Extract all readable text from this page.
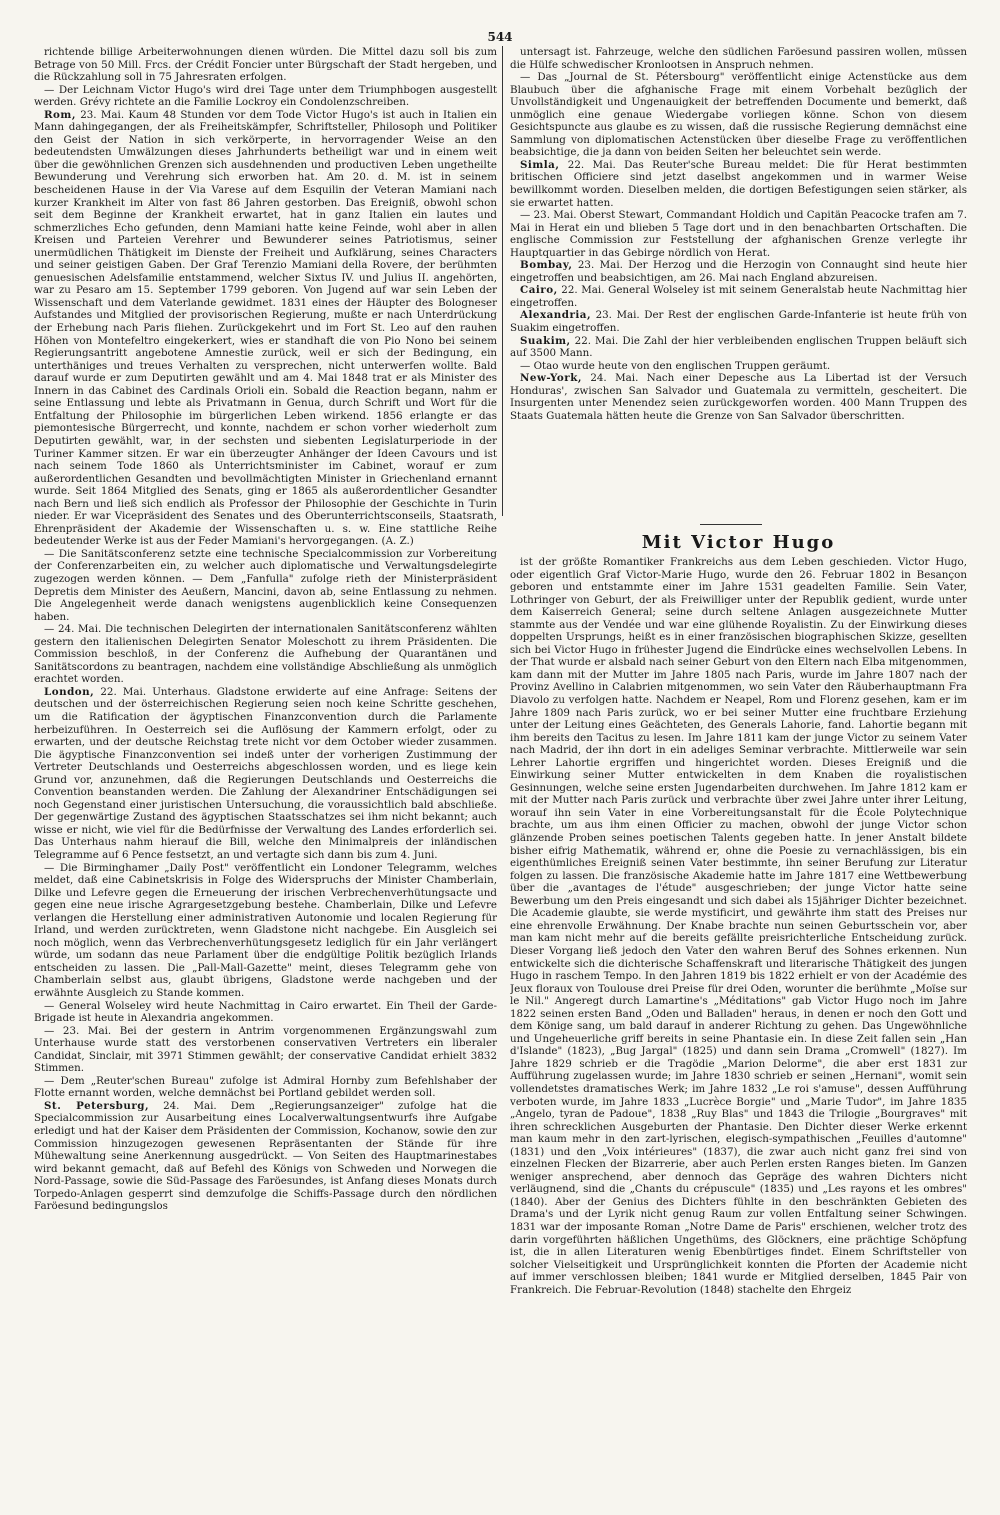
544

richtende billige Arbeiterwohnungen dienen würden. Die Mittel dazu soll bis zum Betrage von 50 Mill. Frcs. der Crédit Foncier unter Bürgschaft der Stadt hergeben, und die Rückzahlung soll in 75 Jahresraten erfolgen.

— Der Leichnam Victor Hugo's wird drei Tage unter dem Triumphbogen ausgestellt werden. Grévy richtete an die Familie Lockroy ein Condolenzschreiben.

Rom, 23. Mai. Kaum 48 Stunden vor dem Tode Victor Hugo's ist auch in Italien ein Mann dahingegangen, der als Freiheitskämpfer, Schriftsteller, Philosoph und Politiker den Geist der Nation in sich verkörperte, in hervorragender Weise an den bedeutendsten Umwälzungen dieses Jahrhunderts betheiligt war und in einem weit über die gewöhnlichen Grenzen sich ausdehnenden und productiven Leben ungetheilte Bewunderung und Verehrung sich erworben hat. Am 20. d. M. ist in seinem bescheidenen Hause in der Via Varese auf dem Esquilin der Veteran Mamiani nach kurzer Krankheit im Alter von fast 86 Jahren gestorben. Das Ereigniß, obwohl schon seit dem Beginne der Krankheit erwartet, hat in ganz Italien ein lautes und schmerzliches Echo gefunden, denn Mamiani hatte keine Feinde, wohl aber in allen Kreisen und Parteien Verehrer und Bewunderer seines Patriotismus, seiner unermüdlichen Thätigkeit im Dienste der Freiheit und Aufklärung, seines Characters und seiner geistigen Gaben. Der Graf Terenzio Mamiani della Rovere, der berühmten genuesischen Adelsfamilie entstammend, welcher Sixtus IV. und Julius II. angehörten, war zu Pesaro am 15. September 1799 geboren. Von Jugend auf war sein Leben der Wissenschaft und dem Vaterlande gewidmet. 1831 eines der Häupter des Bologneser Aufstandes und Mitglied der provisorischen Regierung, mußte er nach Unterdrückung der Erhebung nach Paris fliehen. Zurückgekehrt und im Fort St. Leo auf den rauhen Höhen von Montefeltro eingekerkert, wies er standhaft die von Pio Nono bei seinem Regierungsantritt angebotene Amnestie zurück, weil er sich der Bedingung, ein unterthäniges und treues Verhalten zu versprechen, nicht unterwerfen wollte. Bald darauf wurde er zum Deputirten gewählt und am 4. Mai 1848 trat er als Minister des Innern in das Cabinet des Cardinals Orioli ein. Sobald die Reaction begann, nahm er seine Entlassung und lebte als Privatmann in Genua, durch Schrift und Wort für die Entfaltung der Philosophie im bürgerlichen Leben wirkend. 1856 erlangte er das piemontesische Bürgerrecht, und konnte, nachdem er schon vorher wiederholt zum Deputirten gewählt, war, in der sechsten und siebenten Legislaturperiode in der Turiner Kammer sitzen. Er war ein überzeugter Anhänger der Ideen Cavours und ist nach seinem Tode 1860 als Unterrichtsminister im Cabinet, worauf er zum außerordentlichen Gesandten und bevollmächtigten Minister in Griechenland ernannt wurde. Seit 1864 Mitglied des Senats, ging er 1865 als außerordentlicher Gesandter nach Bern und ließ sich endlich als Professor der Philosophie der Geschichte in Turin nieder. Er war Vicepräsident des Senates und des Oberunterrichtsconseils, Staatsrath, Ehrenpräsident der Akademie der Wissenschaften u. s. w. Eine stattliche Reihe bedeutender Werke ist aus der Feder Mamiani's hervorgegangen. (A. Z.)

— Die Sanitätsconferenz setzte eine technische Specialcommission zur Vorbereitung der Conferenzarbeiten ein, zu welcher auch diplomatische und Verwaltungsdelegirte zugezogen werden können. — Dem „Fanfulla" zufolge rieth der Ministerpräsident Depretis dem Minister des Aeußern, Mancini, davon ab, seine Entlassung zu nehmen. Die Angelegenheit werde danach wenigstens augenblicklich keine Consequenzen haben.

— 24. Mai. Die technischen Delegirten der internationalen Sanitätsconferenz wählten gestern den italienischen Delegirten Senator Moleschott zu ihrem Präsidenten. Die Commission beschloß, in der Conferenz die Aufhebung der Quarantänen und Sanitätscordons zu beantragen, nachdem eine vollständige Abschließung als unmöglich erachtet worden.

London, 22. Mai. Unterhaus. Gladstone erwiderte auf eine Anfrage: Seitens der deutschen und der österreichischen Regierung seien noch keine Schritte geschehen, um die Ratification der ägyptischen Finanzconvention durch die Parlamente herbeizuführen. In Oesterreich sei die Auflösung der Kammern erfolgt, oder zu erwarten, und der deutsche Reichstag trete nicht vor dem October wieder zusammen. Die ägyptische Finanzconvention sei indeß unter der vorherigen Zustimmung der Vertreter Deutschlands und Oesterreichs abgeschlossen worden, und es liege kein Grund vor, anzunehmen, daß die Regierungen Deutschlands und Oesterreichs die Convention beanstanden werden. Die Zahlung der Alexandriner Entschädigungen sei noch Gegenstand einer juristischen Untersuchung, die voraussichtlich bald abschließe. Der gegenwärtige Zustand des ägyptischen Staatsschatzes sei ihm nicht bekannt; auch wisse er nicht, wie viel für die Bedürfnisse der Verwaltung des Landes erforderlich sei. Das Unterhaus nahm hierauf die Bill, welche den Minimalpreis der inländischen Telegramme auf 6 Pence festsetzt, an und vertagte sich dann bis zum 4. Juni.

— Die Birminghamer „Daily Post" veröffentlicht ein Londoner Telegramm, welches meldet, daß eine Cabinetskrisis in Folge des Widerspruchs der Minister Chamberlain, Dilke und Lefevre gegen die Erneuerung der irischen Verbrechenverhütungsacte und gegen eine neue irische Agrargesetzgebung bestehe. Chamberlain, Dilke und Lefevre verlangen die Herstellung einer administrativen Autonomie und localen Regierung für Irland, und werden zurücktreten, wenn Gladstone nicht nachgebe. Ein Ausgleich sei noch möglich, wenn das Verbrechenverhütungsgesetz lediglich für ein Jahr verlängert würde, um sodann das neue Parlament über die endgültige Politik bezüglich Irlands entscheiden zu lassen. Die „Pall-Mall-Gazette" meint, dieses Telegramm gehe von Chamberlain selbst aus, glaubt übrigens, Gladstone werde nachgeben und der erwähnte Ausgleich zu Stande kommen.

— General Wolseley wird heute Nachmittag in Cairo erwartet. Ein Theil der Garde-Brigade ist heute in Alexandria angekommen.

— 23. Mai. Bei der gestern in Antrim vorgenommenen Ergänzungswahl zum Unterhause wurde statt des verstorbenen conservativen Vertreters ein liberaler Candidat, Sinclair, mit 3971 Stimmen gewählt; der conservative Candidat erhielt 3832 Stimmen.

— Dem „Reuter'schen Bureau" zufolge ist Admiral Hornby zum Befehlshaber der Flotte ernannt worden, welche demnächst bei Portland gebildet werden soll.

St. Petersburg, 24. Mai. Dem „Regierungsanzeiger" zufolge hat die Specialcommission zur Ausarbeitung eines Localverwaltungsentwurfs ihre Aufgabe erledigt und hat der Kaiser dem Präsidenten der Commission, Kochanow, sowie den zur Commission hinzugezogen gewesenen Repräsentanten der Stände für ihre Mühewaltung seine Anerkennung ausgedrückt. — Von Seiten des Hauptmarinestabes wird bekannt gemacht, daß auf Befehl des Königs von Schweden und Norwegen die Nord-Passage, sowie die Süd-Passage des Faröesundes, ist Anfang dieses Monats durch Torpedo-Anlagen gesperrt sind demzufolge die Schiffs-Passage durch den nördlichen Faröesund bedingungslos

untersagt ist. Fahrzeuge, welche den südlichen Faröesund passiren wollen, müssen die Hülfe schwedischer Kronlootsen in Anspruch nehmen.

— Das „Journal de St. Pétersbourg" veröffentlicht einige Actenstücke aus dem Blaubuch über die afghanische Frage mit einem Vorbehalt bezüglich der Unvollständigkeit und Ungenauigkeit der betreffenden Documente und bemerkt, daß unmöglich eine genaue Wiedergabe vorliegen könne. Schon von diesem Gesichtspuncte aus glaube es zu wissen, daß die russische Regierung demnächst eine Sammlung von diplomatischen Actenstücken über dieselbe Frage zu veröffentlichen beabsichtige, die ja dann von beiden Seiten her beleuchtet sein werde.

Simla, 22. Mai. Das Reuter'sche Bureau meldet: Die für Herat bestimmten britischen Officiere sind jetzt daselbst angekommen und in warmer Weise bewillkommt worden. Dieselben melden, die dortigen Befestigungen seien stärker, als sie erwartet hatten.

— 23. Mai. Oberst Stewart, Commandant Holdich und Capitän Peacocke trafen am 7. Mai in Herat ein und blieben 5 Tage dort und in den benachbarten Ortschaften. Die englische Commission zur Feststellung der afghanischen Grenze verlegte ihr Hauptquartier in das Gebirge nördlich von Herat.

Bombay, 23. Mai. Der Herzog und die Herzogin von Connaught sind heute hier eingetroffen und beabsichtigen, am 26. Mai nach England abzureisen.

Cairo, 22. Mai. General Wolseley ist mit seinem Generalstab heute Nachmittag hier eingetroffen.

Alexandria, 23. Mai. Der Rest der englischen Garde-Infanterie ist heute früh von Suakim eingetroffen.

Suakim, 22. Mai. Die Zahl der hier verbleibenden englischen Truppen beläuft sich auf 3500 Mann.

— Otao wurde heute von den englischen Truppen geräumt.

New-York, 24. Mai. Nach einer Depesche aus La Libertad ist der Versuch Honduras', zwischen San Salvador und Guatemala zu vermitteln, gescheitert. Die Insurgenten unter Menendez seien zurückgeworfen worden. 400 Mann Truppen des Staats Guatemala hätten heute die Grenze von San Salvador überschritten.

Mit Victor Hugo

ist der größte Romantiker Frankreichs aus dem Leben geschieden. Victor Hugo, oder eigentlich Graf Victor-Marie Hugo, wurde den 26. Februar 1802 in Besançon geboren und entstammte einer im Jahre 1531 geadelten Familie. Sein Vater, Lothringer von Geburt, der als Freiwilliger unter der Republik gedient, wurde unter dem Kaiserreich General; seine durch seltene Anlagen ausgezeichnete Mutter stammte aus der Vendée und war eine glühende Royalistin. Zu der Einwirkung dieses doppelten Ursprungs, heißt es in einer französischen biographischen Skizze, gesellten sich bei Victor Hugo in frühester Jugend die Eindrücke eines wechselvollen Lebens. In der That wurde er alsbald nach seiner Geburt von den Eltern nach Elba mitgenommen, kam dann mit der Mutter im Jahre 1805 nach Paris, wurde im Jahre 1807 nach der Provinz Avellino in Calabrien mitgenommen, wo sein Vater den Räuberhauptmann Fra Diavolo zu verfolgen hatte. Nachdem er Neapel, Rom und Florenz gesehen, kam er im Jahre 1809 nach Paris zurück, wo er bei seiner Mutter eine fruchtbare Erziehung unter der Leitung eines Geächteten, des Generals Lahorie, fand. Lahortie begann mit ihm bereits den Tacitus zu lesen. Im Jahre 1811 kam der junge Victor zu seinem Vater nach Madrid, der ihn dort in ein adeliges Seminar verbrachte. Mittlerweile war sein Lehrer Lahortie ergriffen und hingerichtet worden. Dieses Ereigniß und die Einwirkung seiner Mutter entwickelten in dem Knaben die royalistischen Gesinnungen, welche seine ersten Jugendarbeiten durchwehen. Im Jahre 1812 kam er mit der Mutter nach Paris zurück und verbrachte über zwei Jahre unter ihrer Leitung, worauf ihn sein Vater in eine Vorbereitungsanstalt für die École Polytechnique brachte, um aus ihm einen Officier zu machen, obwohl der junge Victor schon glänzende Proben seines poetischen Talents gegeben hatte. In jener Anstalt bildete bisher eifrig Mathematik, während er, ohne die Poesie zu vernachlässigen, bis ein eigenthümliches Ereigniß seinen Vater bestimmte, ihn seiner Berufung zur Literatur folgen zu lassen. Die französische Akademie hatte im Jahre 1817 eine Wettbewerbung über die „avantages de l'étude" ausgeschrieben; der junge Victor hatte seine Bewerbung um den Preis eingesandt und sich dabei als 15jähriger Dichter bezeichnet. Die Academie glaubte, sie werde mystificirt, und gewährte ihm statt des Preises nur eine ehrenvolle Erwähnung. Der Knabe brachte nun seinen Geburtsschein vor, aber man kam nicht mehr auf die bereits gefällte preisrichterliche Entscheidung zurück. Dieser Vorgang ließ jedoch den Vater den wahren Beruf des Sohnes erkennen. Nun entwickelte sich die dichterische Schaffenskraft und literarische Thätigkeit des jungen Hugo in raschem Tempo. In den Jahren 1819 bis 1822 erhielt er von der Académie des Jeux floraux von Toulouse drei Preise für drei Oden, worunter die berühmte „Moïse sur le Nil." Angeregt durch Lamartine's „Méditations" gab Victor Hugo noch im Jahre 1822 seinen ersten Band „Oden und Balladen" heraus, in denen er noch den Gott und dem Könige sang, um bald darauf in anderer Richtung zu gehen. Das Ungewöhnliche und Ungeheuerliche griff bereits in seine Phantasie ein. In diese Zeit fallen sein „Han d'Islande" (1823), „Bug Jargal" (1825) und dann sein Drama „Cromwell" (1827). Im Jahre 1829 schrieb er die Tragödie „Marion Delorme", die aber erst 1831 zur Aufführung zugelassen wurde; im Jahre 1830 schrieb er seinen „Hernani", womit sein vollendetstes dramatisches Werk; im Jahre 1832 „Le roi s'amuse", dessen Aufführung verboten wurde, im Jahre 1833 „Lucrèce Borgie" und „Marie Tudor", im Jahre 1835 „Angelo, tyran de Padoue", 1838 „Ruy Blas" und 1843 die Trilogie „Bourgraves" mit ihren schrecklichen Ausgeburten der Phantasie. Den Dichter dieser Werke erkennt man kaum mehr in den zart-lyrischen, elegisch-sympathischen „Feuilles d'automne" (1831) und den „Voix intérieures" (1837), die zwar auch nicht ganz frei sind von einzelnen Flecken der Bizarrerie, aber auch Perlen ersten Ranges bieten. Im Ganzen weniger ansprechend, aber dennoch das Gepräge des wahren Dichters nicht verläugnend, sind die „Chants du crépuscule" (1835) und „Les rayons et les ombres" (1840). Aber der Genius des Dichters fühlte in den beschränkten Gebieten des Drama's und der Lyrik nicht genug Raum zur vollen Entfaltung seiner Schwingen. 1831 war der imposante Roman „Notre Dame de Paris" erschienen, welcher trotz des darin vorgeführten häßlichen Ungethüms, des Glöckners, eine prächtige Schöpfung ist, die in allen Literaturen wenig Ebenbürtiges findet. Einem Schriftsteller von solcher Vielseitigkeit und Ursprünglichkeit konnten die Pforten der Academie nicht auf immer verschlossen bleiben; 1841 wurde er Mitglied derselben, 1845 Pair von Frankreich. Die Februar-Revolution (1848) stachelte den Ehrgeiz
